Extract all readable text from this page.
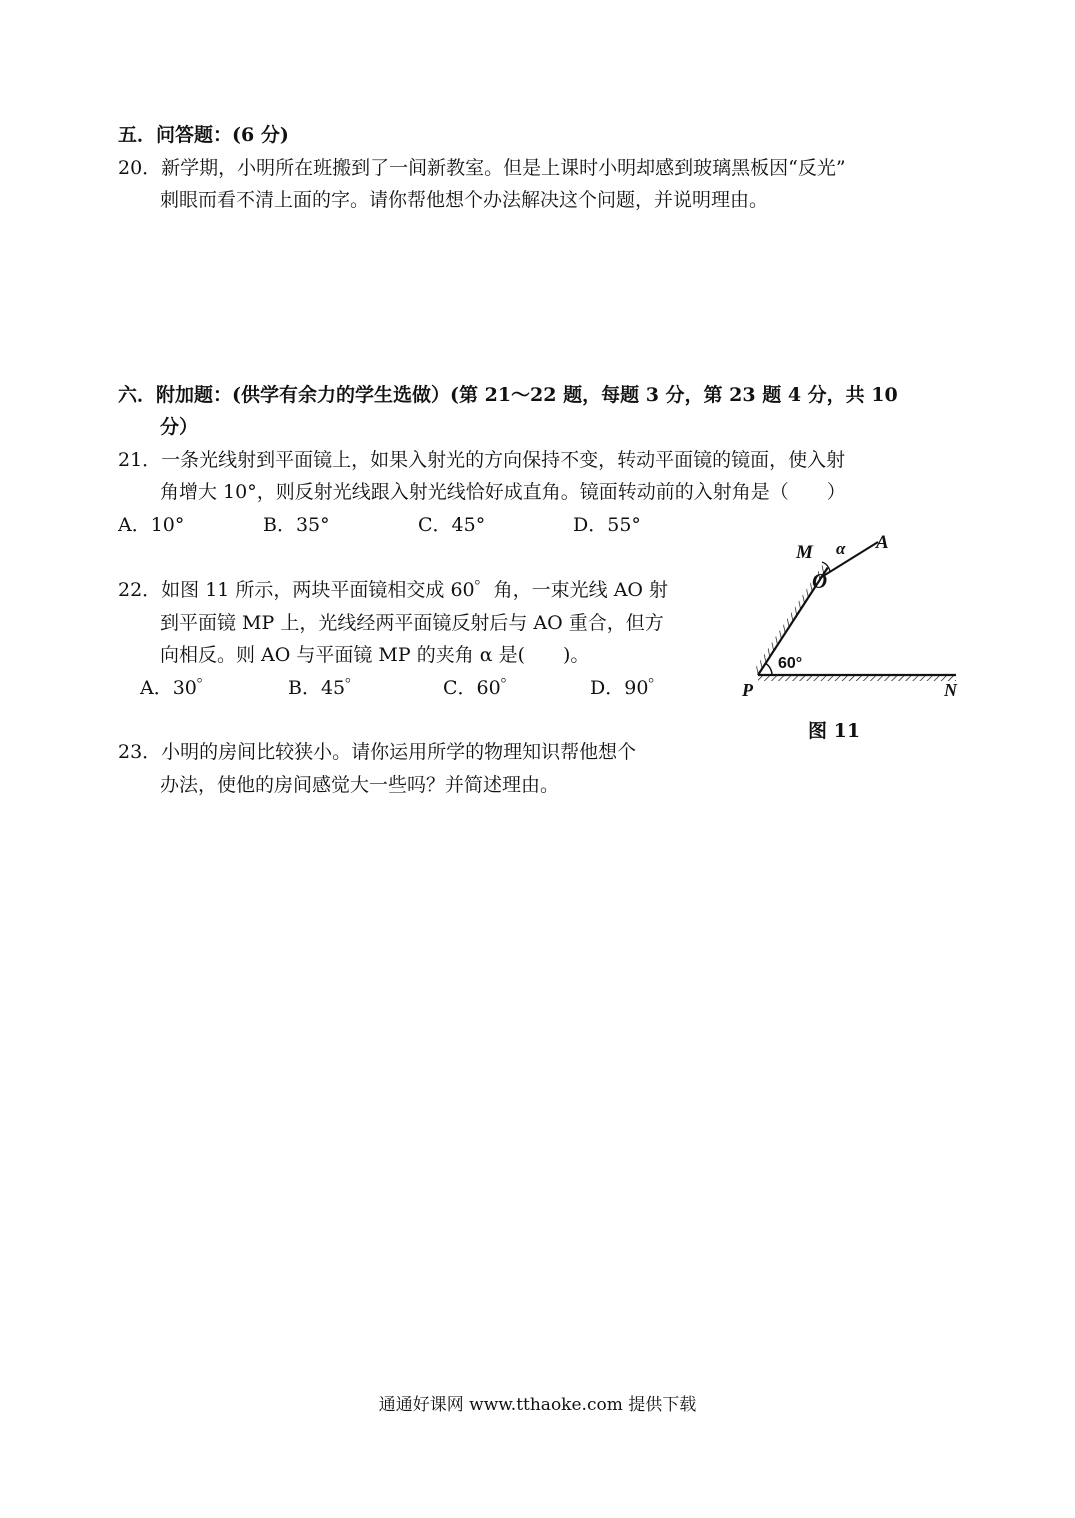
五．问答题：(6 分)
20．新学期，小明所在班搬到了一间新教室。但是上课时小明却感到玻璃黑板因“反光”
刺眼而看不清上面的字。请你帮他想个办法解决这个问题，并说明理由。
六．附加题：(供学有余力的学生选做）(第 21～22 题，每题 3 分，第 23 题 4 分，共 10
分）
21．一条光线射到平面镜上，如果入射光的方向保持不变，转动平面镜的镜面，使入射
角增大 10°，则反射光线跟入射光线恰好成直角。镜面转动前的入射角是（　　）
A．10°	B．35°	C．45°	D．55°
22．如图 11 所示，两块平面镜相交成 60゜角，一束光线 AO 射
到平面镜 MP 上，光线经两平面镜反射后与 AO 重合，但方
向相反。则 AO 与平面镜 MP 的夹角 α 是(　　)。
A．30゜	B．45゜	C．60゜	D．90゜
23．小明的房间比较狭小。请你运用所学的物理知识帮他想个
办法，使他的房间感觉大一些吗？并简述理由。
M α A
O
60°
P	N
图 11
通通好课网 www.tthaoke.com 提供下载
